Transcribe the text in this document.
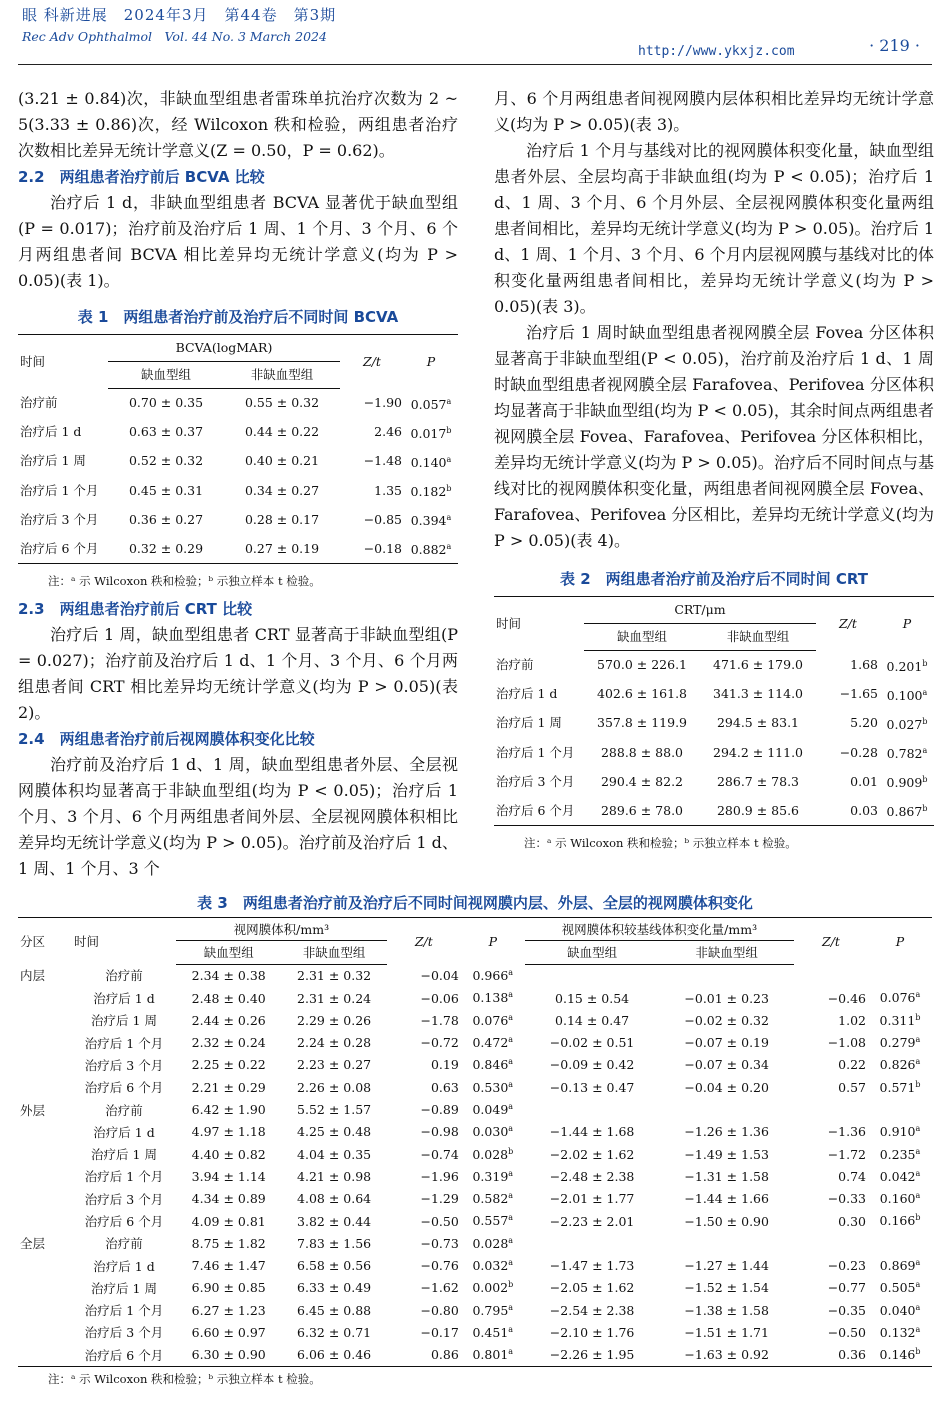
眼 科新进展　2024年3月　第44卷　第3期
Rec Adv Ophthalmol　Vol. 44 No. 3 March 2024
http://www.ykxjz.com	· 219 ·

(3.21 ± 0.84)次，非缺血型组患者雷珠单抗治疗次数为 2 ~ 5(3.33 ± 0.86)次，经 Wilcoxon 秩和检验，两组患者治疗次数相比差异无统计学意义(Z = 0.50，P = 0.62)。

2.2　两组患者治疗前后 BCVA 比较

治疗后 1 d，非缺血型组患者 BCVA 显著优于缺血型组(P = 0.017)；治疗前及治疗后 1 周、1 个月、3 个月、6 个月两组患者间 BCVA 相比差异均无统计学意义(均为 P > 0.05)(表 1)。

表 1　两组患者治疗前及治疗后不同时间 BCVA
时间	BCVA(logMAR)		Z/t	P
	缺血型组	非缺血型组		
治疗前	0.70 ± 0.35	0.55 ± 0.32	−1.90	0.057$^a$
治疗后 1 d	0.63 ± 0.37	0.44 ± 0.22	2.46	0.017$^b$
治疗后 1 周	0.52 ± 0.32	0.40 ± 0.21	−1.48	0.140$^a$
治疗后 1 个月	0.45 ± 0.31	0.34 ± 0.27	1.35	0.182$^b$
治疗后 3 个月	0.36 ± 0.27	0.28 ± 0.17	−0.85	0.394$^a$
治疗后 6 个月	0.32 ± 0.29	0.27 ± 0.19	−0.18	0.882$^a$
注：ᵃ 示 Wilcoxon 秩和检验；ᵇ 示独立样本 t 检验。
2.3　两组患者治疗前后 CRT 比较

治疗后 1 周，缺血型组患者 CRT 显著高于非缺血型组(P = 0.027)；治疗前及治疗后 1 d、1 个月、3 个月、6 个月两组患者间 CRT 相比差异均无统计学意义(均为 P > 0.05)(表 2)。

2.4　两组患者治疗前后视网膜体积变化比较

治疗前及治疗后 1 d、1 周，缺血型组患者外层、全层视网膜体积均显著高于非缺血型组(均为 P < 0.05)；治疗后 1 个月、3 个月、6 个月两组患者间外层、全层视网膜体积相比差异均无统计学意义(均为 P > 0.05)。治疗前及治疗后 1 d、1 周、1 个月、3 个

月、6 个月两组患者间视网膜内层体积相比差异均无统计学意义(均为 P > 0.05)(表 3)。

治疗后 1 个月与基线对比的视网膜体积变化量，缺血型组患者外层、全层均高于非缺血组(均为 P < 0.05)；治疗后 1 d、1 周、3 个月、6 个月外层、全层视网膜体积变化量两组患者间相比，差异均无统计学意义(均为 P > 0.05)。治疗后 1 d、1 周、1 个月、3 个月、6 个月内层视网膜与基线对比的体积变化量两组患者间相比，差异均无统计学意义(均为 P > 0.05)(表 3)。

治疗后 1 周时缺血型组患者视网膜全层 Fovea 分区体积显著高于非缺血型组(P < 0.05)，治疗前及治疗后 1 d、1 周时缺血型组患者视网膜全层 Farafovea、Perifovea 分区体积均显著高于非缺血型组(均为 P < 0.05)，其余时间点两组患者视网膜全层 Fovea、Farafovea、Perifovea 分区体积相比，差异均无统计学意义(均为 P > 0.05)。治疗后不同时间点与基线对比的视网膜体积变化量，两组患者间视网膜全层 Fovea、Farafovea、Perifovea 分区相比，差异均无统计学意义(均为 P > 0.05)(表 4)。

表 2　两组患者治疗前及治疗后不同时间 CRT
时间	CRT/μm		Z/t	P
	缺血型组	非缺血型组		
治疗前	570.0 ± 226.1	471.6 ± 179.0	1.68	0.201$^b$
治疗后 1 d	402.6 ± 161.8	341.3 ± 114.0	−1.65	0.100$^a$
治疗后 1 周	357.8 ± 119.9	294.5 ± 83.1	5.20	0.027$^b$
治疗后 1 个月	288.8 ± 88.0	294.2 ± 111.0	−0.28	0.782$^a$
治疗后 3 个月	290.4 ± 82.2	286.7 ± 78.3	0.01	0.909$^b$
治疗后 6 个月	289.6 ± 78.0	280.9 ± 85.6	0.03	0.867$^b$
注：ᵃ 示 Wilcoxon 秩和检验；ᵇ 示独立样本 t 检验。
表 3　两组患者治疗前及治疗后不同时间视网膜内层、外层、全层的视网膜体积变化
分区	时间	视网膜体积/mm³		Z/t	P	视网膜体积较基线体积变化量/mm³		Z/t	P
		缺血型组	非缺血型组			缺血型组	非缺血型组		
内层	治疗前	2.34 ± 0.38	2.31 ± 0.32	−0.04	0.966$^a$				
	治疗后 1 d	2.48 ± 0.40	2.31 ± 0.24	−0.06	0.138$^a$	0.15 ± 0.54	−0.01 ± 0.23	−0.46	0.076$^a$
	治疗后 1 周	2.44 ± 0.26	2.29 ± 0.26	−1.78	0.076$^a$	0.14 ± 0.47	−0.02 ± 0.32	1.02	0.311$^b$
	治疗后 1 个月	2.32 ± 0.24	2.24 ± 0.28	−0.72	0.472$^a$	−0.02 ± 0.51	−0.07 ± 0.19	−1.08	0.279$^a$
	治疗后 3 个月	2.25 ± 0.22	2.23 ± 0.27	0.19	0.846$^a$	−0.09 ± 0.42	−0.07 ± 0.34	0.22	0.826$^a$
	治疗后 6 个月	2.21 ± 0.29	2.26 ± 0.08	0.63	0.530$^a$	−0.13 ± 0.47	−0.04 ± 0.20	0.57	0.571$^b$
外层	治疗前	6.42 ± 1.90	5.52 ± 1.57	−0.89	0.049$^a$				
	治疗后 1 d	4.97 ± 1.18	4.25 ± 0.48	−0.98	0.030$^a$	−1.44 ± 1.68	−1.26 ± 1.36	−1.36	0.910$^a$
	治疗后 1 周	4.40 ± 0.82	4.04 ± 0.35	−0.74	0.028$^b$	−2.02 ± 1.62	−1.49 ± 1.53	−1.72	0.235$^a$
	治疗后 1 个月	3.94 ± 1.14	4.21 ± 0.98	−1.96	0.319$^a$	−2.48 ± 2.38	−1.31 ± 1.58	0.74	0.042$^a$
	治疗后 3 个月	4.34 ± 0.89	4.08 ± 0.64	−1.29	0.582$^a$	−2.01 ± 1.77	−1.44 ± 1.66	−0.33	0.160$^a$
	治疗后 6 个月	4.09 ± 0.81	3.82 ± 0.44	−0.50	0.557$^a$	−2.23 ± 2.01	−1.50 ± 0.90	0.30	0.166$^b$
全层	治疗前	8.75 ± 1.82	7.83 ± 1.56	−0.73	0.028$^a$				
	治疗后 1 d	7.46 ± 1.47	6.58 ± 0.56	−0.76	0.032$^a$	−1.47 ± 1.73	−1.27 ± 1.44	−0.23	0.869$^a$
	治疗后 1 周	6.90 ± 0.85	6.33 ± 0.49	−1.62	0.002$^b$	−2.05 ± 1.62	−1.52 ± 1.54	−0.77	0.505$^a$
	治疗后 1 个月	6.27 ± 1.23	6.45 ± 0.88	−0.80	0.795$^a$	−2.54 ± 2.38	−1.38 ± 1.58	−0.35	0.040$^a$
	治疗后 3 个月	6.60 ± 0.97	6.32 ± 0.71	−0.17	0.451$^a$	−2.10 ± 1.76	−1.51 ± 1.71	−0.50	0.132$^a$
	治疗后 6 个月	6.30 ± 0.90	6.06 ± 0.46	0.86	0.801$^a$	−2.26 ± 1.95	−1.63 ± 0.92	0.36	0.146$^b$
注：ᵃ 示 Wilcoxon 秩和检验；ᵇ 示独立样本 t 检验。
